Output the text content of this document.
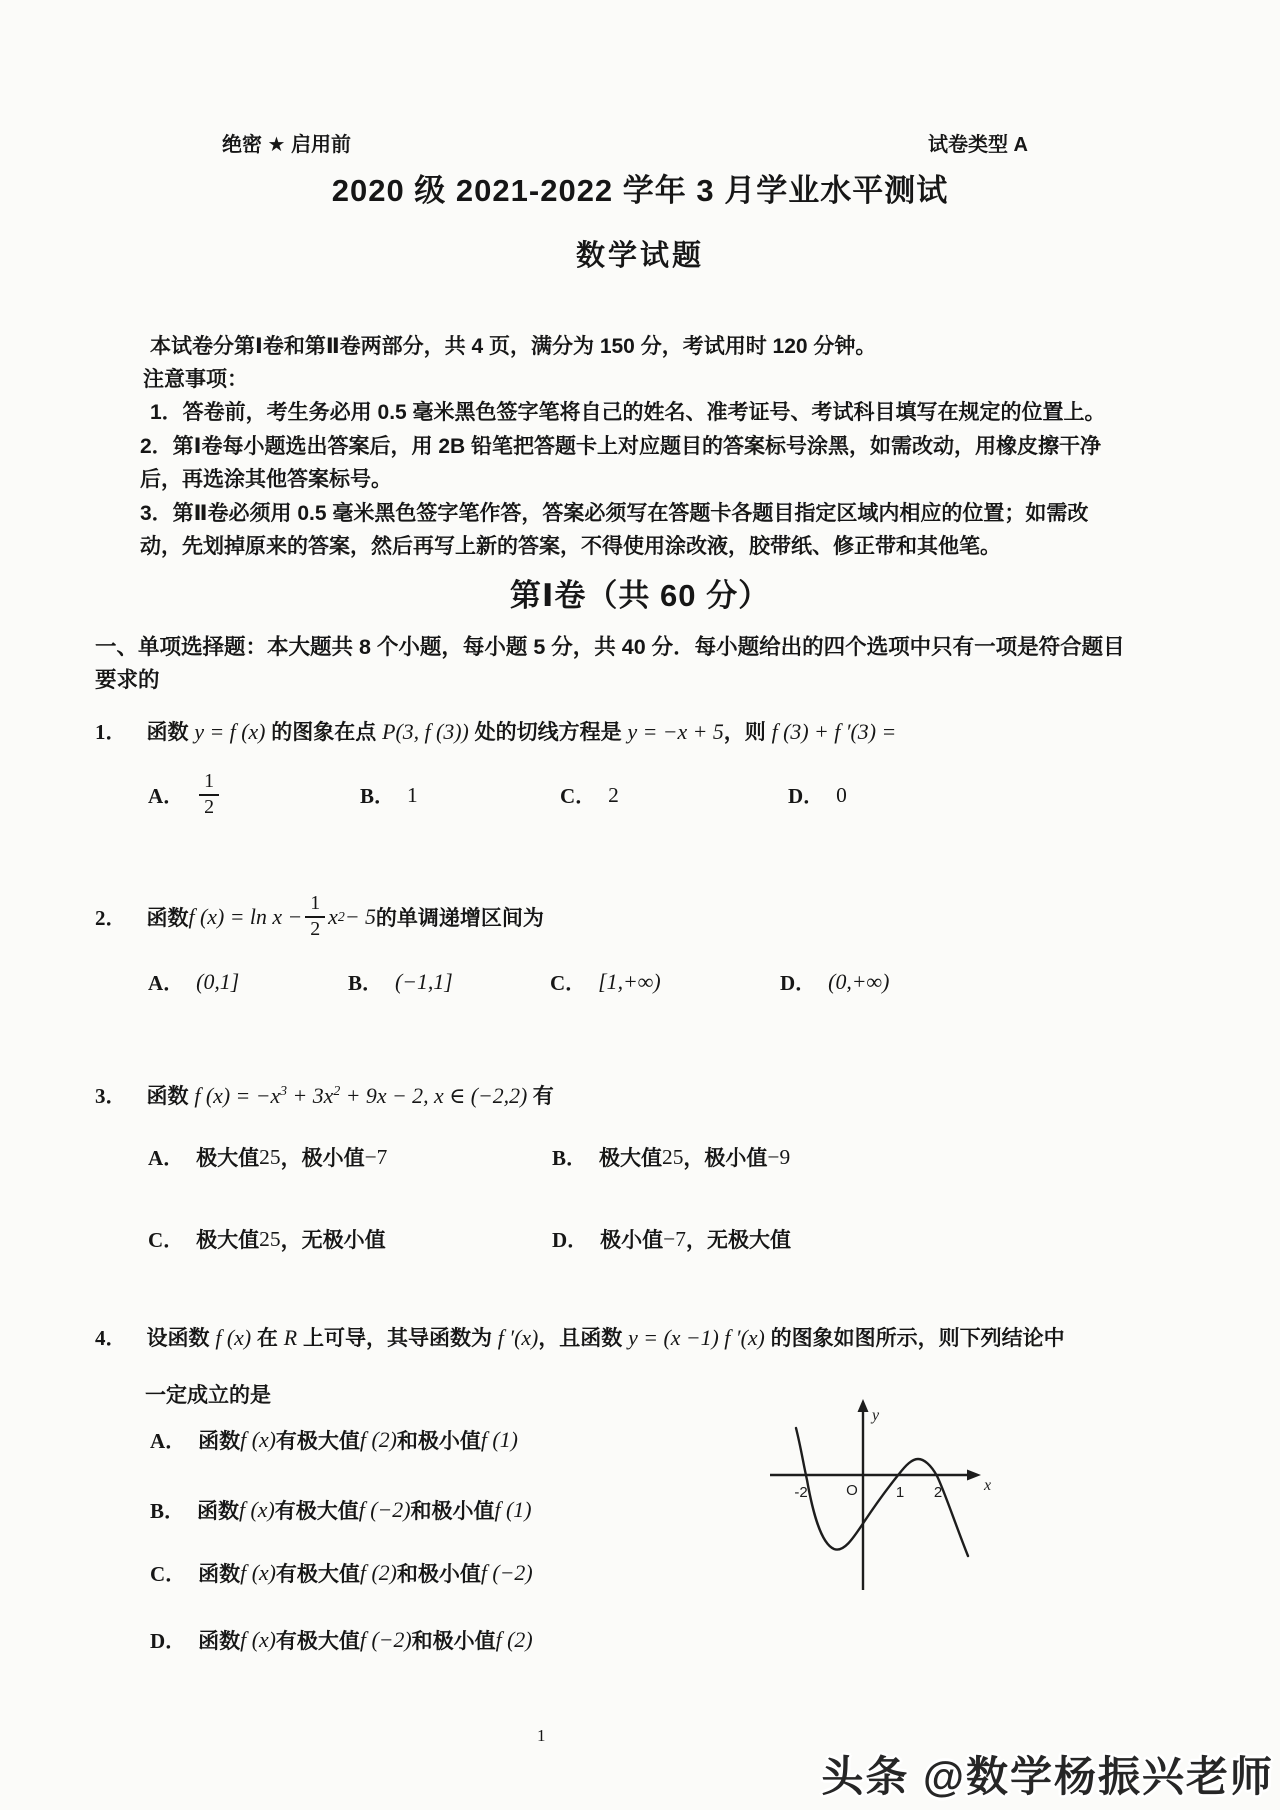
绝密 ★ 启用前	试卷类型 A
2020 级 2021-2022 学年 3 月学业水平测试
数学试题
本试卷分第Ⅰ卷和第Ⅱ卷两部分，共 4 页，满分为 150 分，考试用时 120 分钟。
注意事项：
1．答卷前，考生务必用 0.5 毫米黑色签字笔将自己的姓名、准考证号、考试科目填写在规定的位置上。
2．第Ⅰ卷每小题选出答案后，用 2B 铅笔把答题卡上对应题目的答案标号涂黑，如需改动，用橡皮擦干净
后，再选涂其他答案标号。
3．第Ⅱ卷必须用 0.5 毫米黑色签字笔作答，答案必须写在答题卡各题目指定区域内相应的位置；如需改
动，先划掉原来的答案，然后再写上新的答案，不得使用涂改液，胶带纸、修正带和其他笔。
第Ⅰ卷（共 60 分）
一、单项选择题：本大题共 8 个小题，每小题 5 分，共 40 分．每小题给出的四个选项中只有一项是符合题目
要求的
1． 函数 y = f (x) 的图象在点 P(3, f (3)) 处的切线方程是 y = −x + 5，则 f (3) + f ′(3) =
A． $\frac{1}{2}$	B． 1	C． 2	D． 0
2． 函数 f $(x) = \ln x - \frac{1}{2}$ x 2 − 5 的单调递增区间为
A． (0,1]	B． (−1,1]	C． [1,+∞)	D． (0,+∞)
3． 函数 f $(x) = -x^3 + 3x^2 + 9x - 2$, x ∈ (−2,2) 有
A． 极大值 25 ，极小值 −7	B． 极大值 25 ，极小值 −9
C． 极大值 25 ，无极小值	D． 极小值 −7 ，无极大值
4． 设函数 f (x) 在 R 上可导，其导函数为 f ′(x)，且函数 y = (x −1) f ′(x) 的图象如图所示，则下列结论中
一定成立的是
A． 函数 f (x) 有极大值 f (2) 和极小值 f (1)
B． 函数 f (x) 有极大值 f (−2) 和极小值 f (1)
C． 函数 f (x) 有极大值 f (2) 和极小值 f (−2)
D． 函数 f (x) 有极大值 f (−2) 和极小值 f (2)
y
x
O
-2	1 2
1
头条 @数学杨振兴老师
